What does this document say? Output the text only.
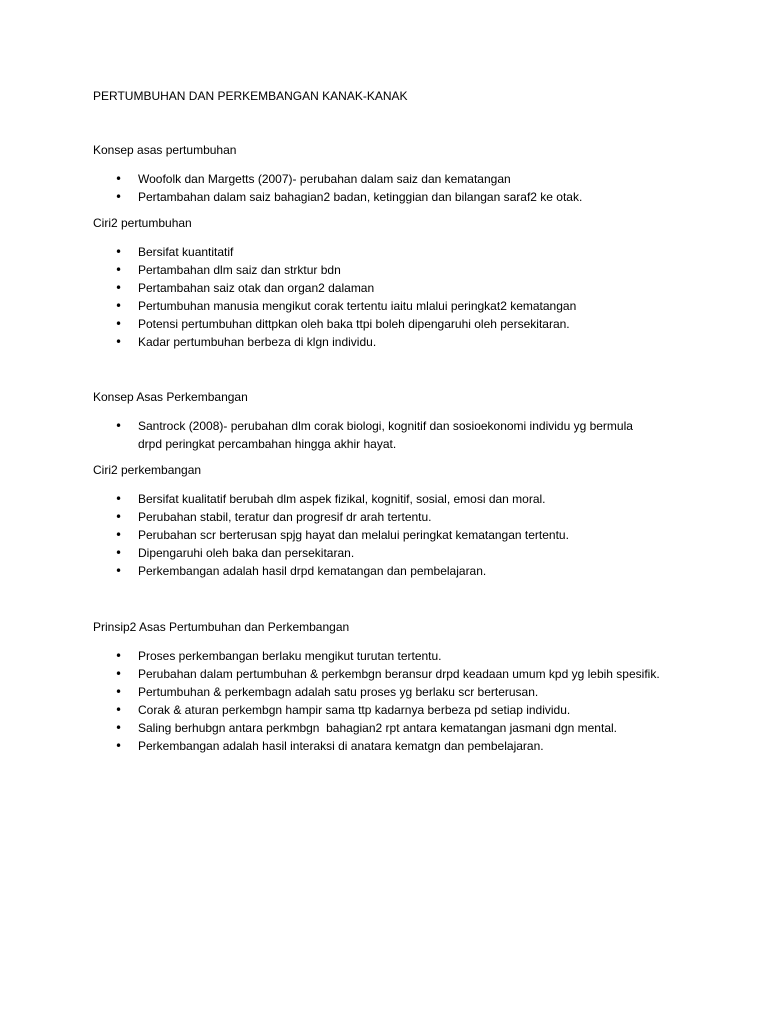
PERTUMBUHAN DAN PERKEMBANGAN KANAK-KANAK
Konsep asas pertumbuhan
• Woofolk dan Margetts (2007)- perubahan dalam saiz dan kematangan
• Pertambahan dalam saiz bahagian2 badan, ketinggian dan bilangan saraf2 ke otak.
Ciri2 pertumbuhan
• Bersifat kuantitatif
• Pertambahan dlm saiz dan strktur bdn
• Pertambahan saiz otak dan organ2 dalaman
• Pertumbuhan manusia mengikut corak tertentu iaitu mlalui peringkat2 kematangan
• Potensi pertumbuhan dittpkan oleh baka ttpi boleh dipengaruhi oleh persekitaran.
• Kadar pertumbuhan berbeza di klgn individu.
Konsep Asas Perkembangan
• Santrock (2008)- perubahan dlm corak biologi, kognitif dan sosioekonomi individu yg bermula drpd peringkat percambahan hingga akhir hayat.
Ciri2 perkembangan
• Bersifat kualitatif berubah dlm aspek fizikal, kognitif, sosial, emosi dan moral.
• Perubahan stabil, teratur dan progresif dr arah tertentu.
• Perubahan scr berterusan spjg hayat dan melalui peringkat kematangan tertentu.
• Dipengaruhi oleh baka dan persekitaran.
• Perkembangan adalah hasil drpd kematangan dan pembelajaran.
Prinsip2 Asas Pertumbuhan dan Perkembangan
• Proses perkembangan berlaku mengikut turutan tertentu.
• Perubahan dalam pertumbuhan & perkembgn beransur drpd keadaan umum kpd yg lebih spesifik.
• Pertumbuhan & perkembagn adalah satu proses yg berlaku scr berterusan.
• Corak & aturan perkembgn hampir sama ttp kadarnya berbeza pd setiap individu.
• Saling berhubgn antara perkmbgn  bahagian2 rpt antara kematangan jasmani dgn mental.
• Perkembangan adalah hasil interaksi di anatara kematgn dan pembelajaran.
